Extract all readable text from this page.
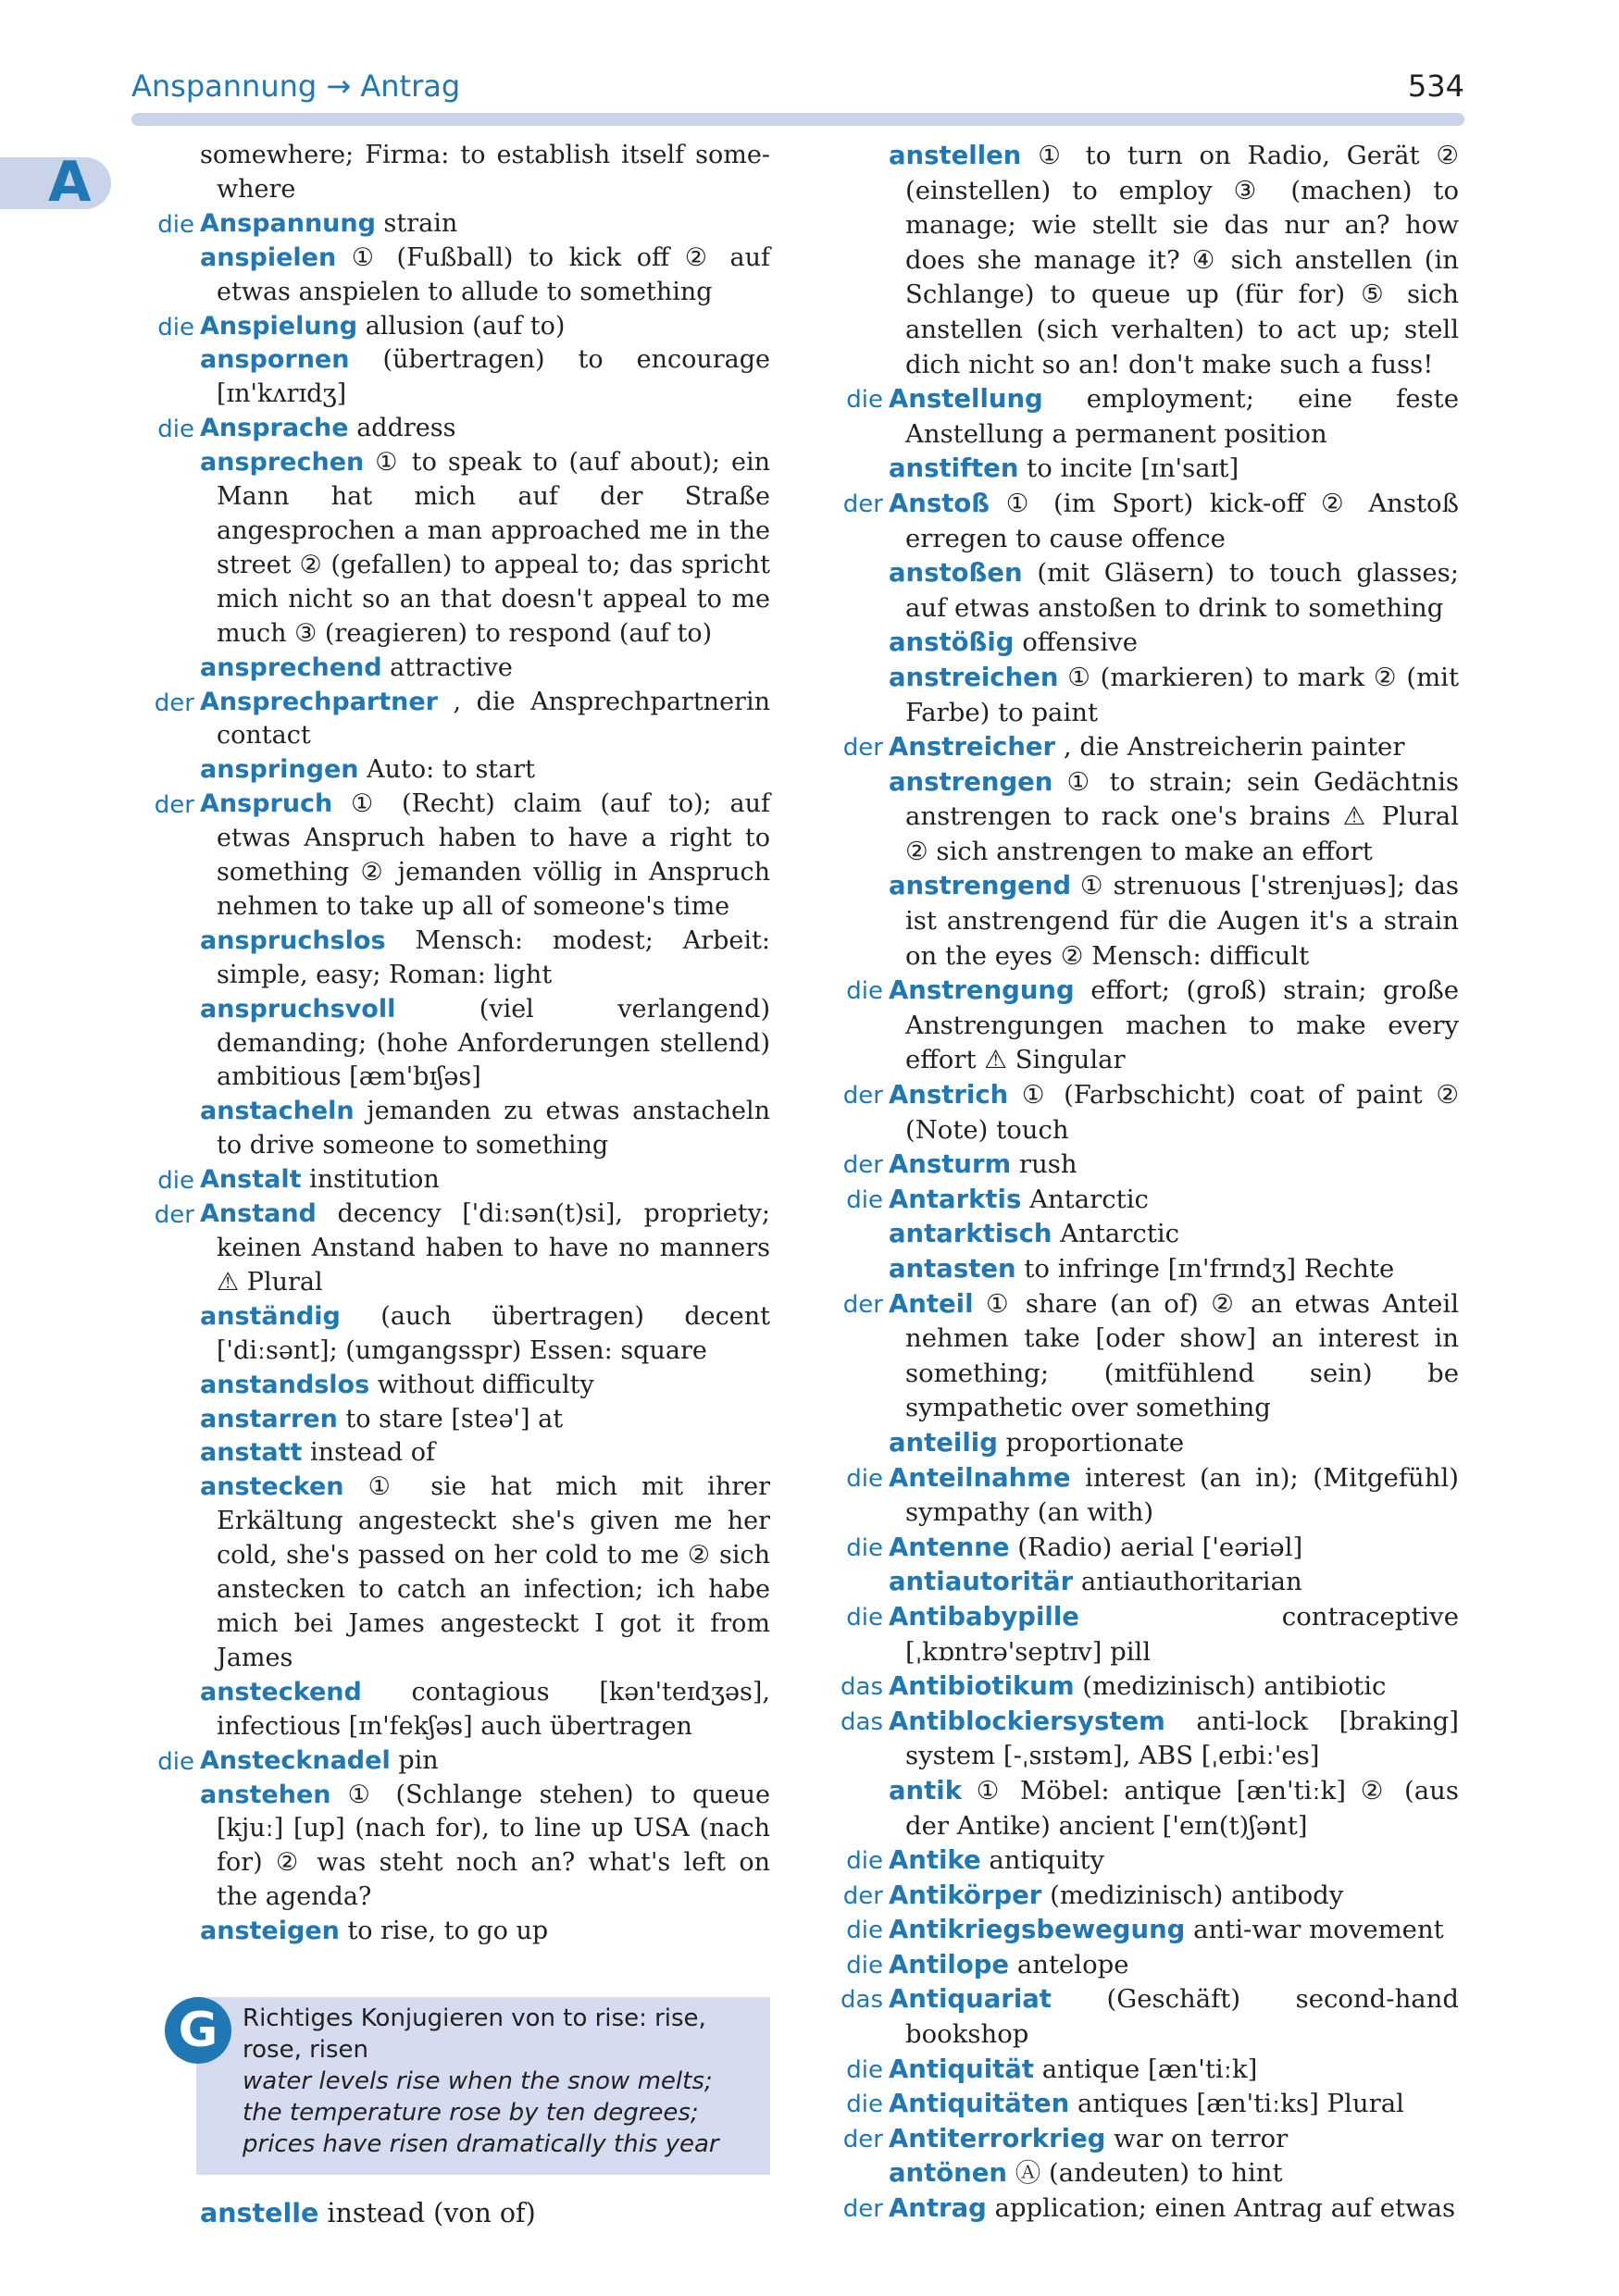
Anspannung → Antrag	534
A	somewhere; Firma: to establish itself some-where

die Anspannung strain

anspielen ① (Fußball) to kick off ② auf etwas anspielen to allude to something

die Anspielung allusion (auf to)

anspornen (übertragen) to encourage [ɪn'kʌrɪdʒ]

die Ansprache address

ansprechen ① to speak to (auf about); ein Mann hat mich auf der Straße angesprochen a man approached me in the street ② (gefallen) to appeal to; das spricht mich nicht so an that doesn't appeal to me much ③ (reagieren) to respond (auf to)

ansprechend attractive

der Ansprechpartner , die Ansprechpartnerin contact

anspringen Auto: to start

der Anspruch ① (Recht) claim (auf to); auf etwas Anspruch haben to have a right to something ② jemanden völlig in Anspruch nehmen to take up all of someone's time

anspruchslos Mensch: modest; Arbeit: simple, easy; Roman: light

anspruchsvoll	(viel verlangend) demanding; (hohe Anforderungen stellend) ambitious [æm'bɪʃəs]

anstacheln jemanden zu etwas anstacheln to drive someone to something

die Anstalt institution

der Anstand decency ['diːsən(t)si], propriety; keinen Anstand haben to have no manners ⚠ Plural

anständig (auch übertragen) decent ['diːsənt]; (umgangsspr) Essen: square

anstandslos without difficulty

anstarren to stare [steə'] at

anstatt instead of

anstecken ① sie hat mich mit ihrer Erkältung angesteckt she's given me her cold, she's passed on her cold to me ② sich anstecken to catch an infection; ich habe mich bei James angesteckt I got it from James

ansteckend contagious [kən'teɪdʒəs], infectious [ɪn'fekʃəs] auch übertragen

die Anstecknadel pin

anstehen ① (Schlange stehen) to queue [kjuː] [up] (nach for), to line up USA (nach for) ② was steht noch an? what's left on the agenda?

ansteigen to rise, to go up

G	Richtiges Konjugieren von to rise: rise, rose, risen
water levels rise when the snow melts;
the temperature rose by ten degrees;
prices have risen dramatically this year

anstelle instead (von of)

anstellen ① to turn on Radio, Gerät ② (einstellen) to employ ③ (machen) to manage; wie stellt sie das nur an? how does she manage it? ④ sich anstellen (in Schlange) to queue up (für for) ⑤ sich anstellen (sich verhalten) to act up; stell dich nicht so an! don't make such a fuss!

die Anstellung employment; eine feste Anstellung a permanent position

anstiften to incite [ɪn'saɪt]

der Anstoß ① (im Sport) kick-off ② Anstoß erregen to cause offence

anstoßen (mit Gläsern) to touch glasses; auf etwas anstoßen to drink to something

anstößig offensive

anstreichen ① (markieren) to mark ② (mit Farbe) to paint

der Anstreicher , die Anstreicherin painter

anstrengen ① to strain; sein Gedächtnis anstrengen to rack one's brains ⚠ Plural ② sich anstrengen to make an effort

anstrengend ① strenuous ['strenjuəs]; das ist anstrengend für die Augen it's a strain on the eyes ② Mensch: difficult

die Anstrengung effort; (groß) strain; große Anstrengungen machen to make every effort ⚠ Singular

der Anstrich ① (Farbschicht) coat of paint ② (Note) touch

der Ansturm rush

die Antarktis Antarctic

antarktisch Antarctic

antasten to infringe [ɪn'frɪndʒ] Rechte

der Anteil ① share (an of) ② an etwas Anteil nehmen take [oder show] an interest in something; (mitfühlend sein) be sympathetic over something

anteilig proportionate

die Anteilnahme interest (an in); (Mitgefühl) sympathy (an with)

die Antenne (Radio) aerial ['eəriəl]

antiautoritär antiauthoritarian

die Antibabypille	contraceptive [ˌkɒntrə'septɪv] pill

das Antibiotikum (medizinisch) antibiotic

das Antiblockiersystem anti-lock [braking] system [-ˌsɪstəm], ABS [ˌeɪbiː'es]

antik ① Möbel: antique [æn'tiːk] ② (aus der Antike) ancient ['eɪn(t)ʃənt]

die Antike antiquity

der Antikörper (medizinisch) antibody

die Antikriegsbewegung anti-war movement

die Antilope antelope

das Antiquariat (Geschäft) second-hand bookshop

die Antiquität antique [æn'tiːk]

die Antiquitäten antiques [æn'tiːks] Plural

der Antiterrorkrieg war on terror

antönen Ⓐ (andeuten) to hint

der Antrag application; einen Antrag auf etwas
